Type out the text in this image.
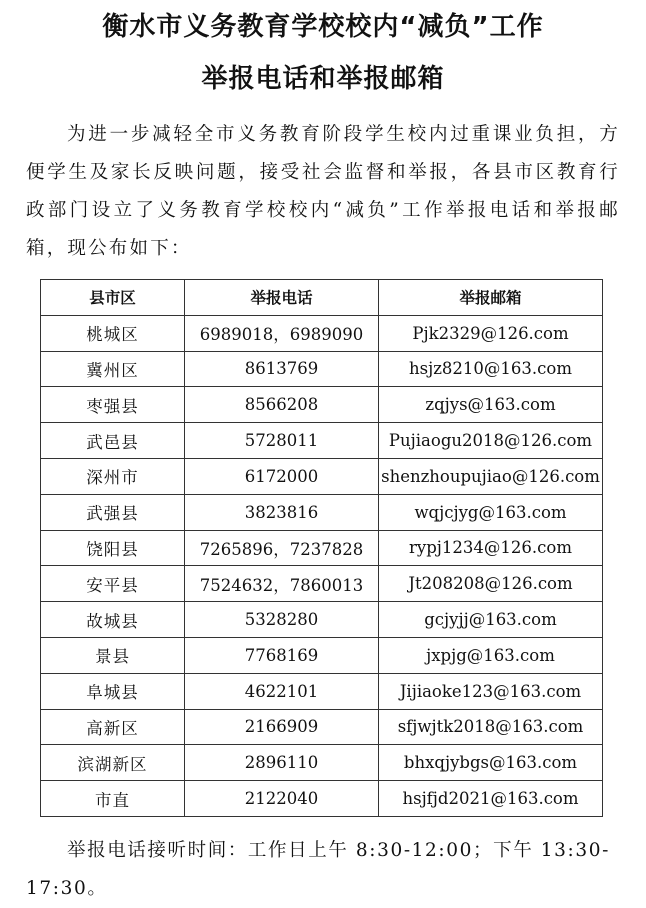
衡水市义务教育学校校内“减负”工作
举报电话和举报邮箱
为进一步减轻全市义务教育阶段学生校内过重课业负担，方便学生及家长反映问题，接受社会监督和举报，各县市区教育行政部门设立了义务教育学校校内“减负”工作举报电话和举报邮箱，现公布如下：
县市区	举报电话	举报邮箱
桃城区	6989018，6989090	Pjk2329@126.com
冀州区	8613769	hsjz8210@163.com
枣强县	8566208	zqjys@163.com
武邑县	5728011	Pujiaogu2018@126.com
深州市	6172000	shenzhoupujiao@126.com
武强县	3823816	wqjcjyg@163.com
饶阳县	7265896，7237828	rypj1234@126.com
安平县	7524632，7860013	Jt208208@126.com
故城县	5328280	gcjyjj@163.com
景县	7768169	jxpjg@163.com
阜城县	4622101	Jijiaoke123@163.com
高新区	2166909	sfjwjtk2018@163.com
滨湖新区	2896110	bhxqjybgs@163.com
市直	2122040	hsjfjd2021@163.com
举报电话接听时间：工作日上午 8:30-12:00；下午 13:30-17:30。
